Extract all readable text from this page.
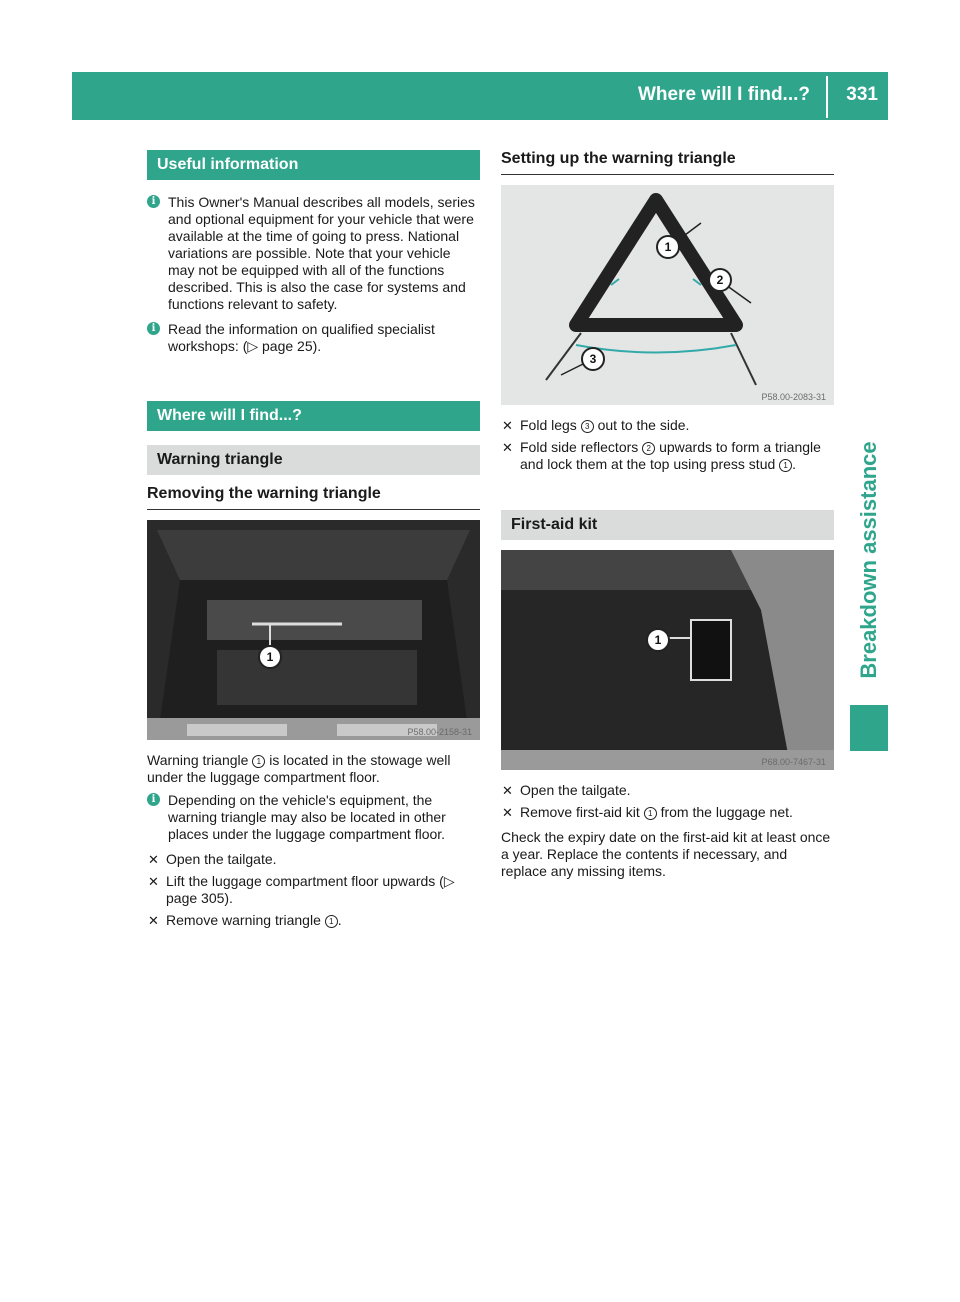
Where will I find...? 331
Breakdown assistance
Useful information
i This Owner's Manual describes all models, series and optional equipment for your vehicle that were available at the time of going to press. National variations are possible. Note that your vehicle may not be equipped with all of the functions described. This is also the case for systems and functions relevant to safety.
i Read the information on qualified specialist workshops: (▷ page 25).
Where will I find...?
Warning triangle
Removing the warning triangle
1
P58.00-2158-31

Warning triangle 1 is located in the stowage well under the luggage compartment floor.

i Depending on the vehicle's equipment, the warning triangle may also be located in other places under the luggage compartment floor.
✕ Open the tailgate.
✕ Lift the luggage compartment floor upwards (▷ page 305).
✕ Remove warning triangle 1 .
Setting up the warning triangle
1
2
3
P58.00-2083-31
✕ Fold legs 3 out to the side.
✕ Fold side reflectors 2 upwards to form a triangle and lock them at the top using press stud 1 .
First-aid kit
1
P68.00-7467-31
✕ Open the tailgate.
✕ Remove first-aid kit 1 from the luggage net.

Check the expiry date on the first-aid kit at least once a year. Replace the contents if necessary, and replace any missing items.
